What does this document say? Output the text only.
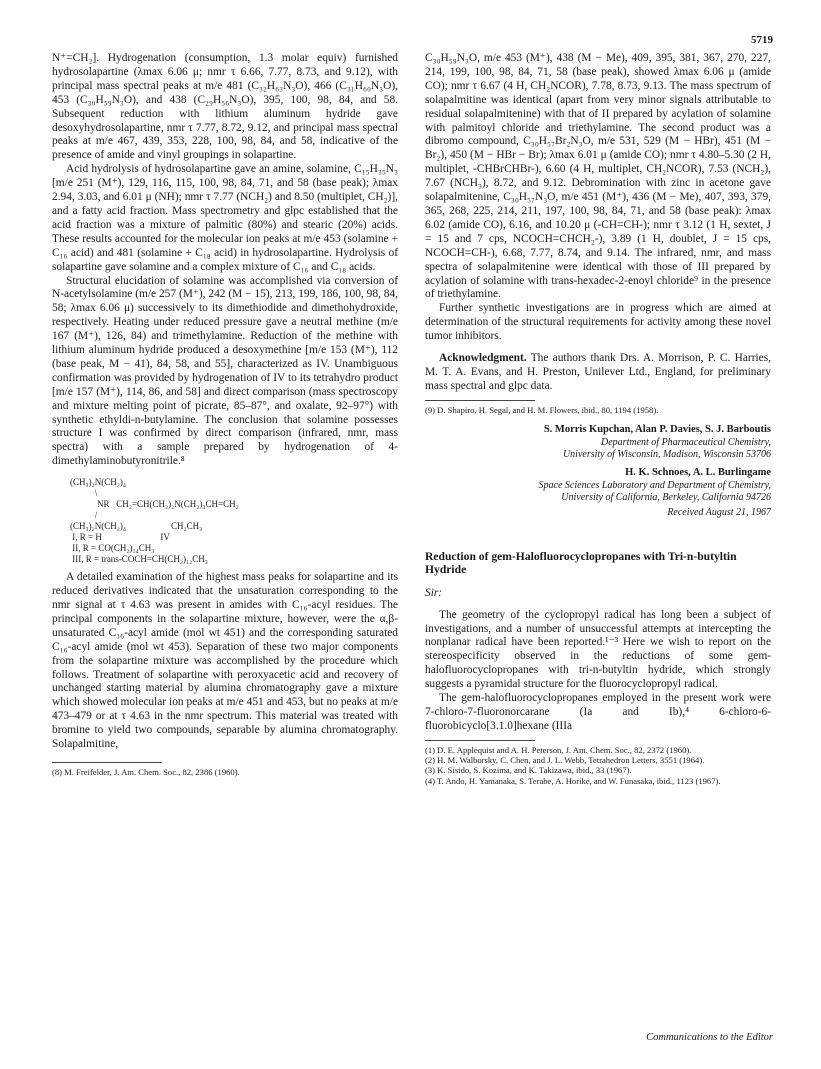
5719

N⁺=CH₂]. Hydrogenation (consumption, 1.3 molar equiv) furnished hydrosolapartine (λmax 6.06 μ; nmr τ 6.66, 7.77, 8.73, and 9.12), with principal mass spectral peaks at m/e 481 (C₃₂H₆₃N₃O), 466 (C₃₁H₆₀N₃O), 453 (C₃₀H₅₉N₃O), and 438 (C₂₉H₅₆N₃O), 395, 100, 98, 84, and 58. Subsequent reduction with lithium aluminum hydride gave desoxyhydrosolapartine, nmr τ 7.77, 8.72, 9.12, and principal mass spectral peaks at m/e 467, 439, 353, 228, 100, 98, 84, and 58, indicative of the presence of amide and vinyl groupings in solapartine.

Acid hydrolysis of hydrosolapartine gave an amine, solamine, C₁₅H₃₅N₃ [m/e 251 (M⁺), 129, 116, 115, 100, 98, 84, 71, and 58 (base peak); λmax 2.94, 3.03, and 6.01 μ (NH); nmr τ 7.77 (NCH₂) and 8.50 (multiplet, CH₂)], and a fatty acid fraction. Mass spectrometry and glpc established that the acid fraction was a mixture of palmitic (80%) and stearic (20%) acids. These results accounted for the molecular ion peaks at m/e 453 (solamine + C₁₆ acid) and 481 (solamine + C₁₈ acid) in hydrosolapartine. Hydrolysis of solapartine gave solamine and a complex mixture of C₁₆ and C₁₈ acids.

Structural elucidation of solamine was accomplished via conversion of N-acetylsolamine (m/e 257 (M⁺), 242 (M − 15), 213, 199, 186, 100, 98, 84, 58; λmax 6.06 μ) successively to its dimethiodide and dimethohydroxide, respectively. Heating under reduced pressure gave a neutral methine (m/e 167 (M⁺), 126, 84) and trimethylamine. Reduction of the methine with lithium aluminum hydride produced a desoxymethine [m/e 153 (M⁺), 112 (base peak, M − 41), 84, 58, and 55], characterized as IV. Unambiguous confirmation was provided by hydrogenation of IV to its tetrahydro product [m/e 157 (M⁺), 114, 86, and 58] and direct comparison (mass spectroscopy and mixture melting point of picrate, 85–87°, and oxalate, 92–97°) with synthetic ethyldi-n-butylamine. The conclusion that solamine possesses structure I was confirmed by direct comparison (infrared, nmr, mass spectra) with a sample prepared by hydrogenation of 4-dimethylaminobutyronitrile.⁸

(CH₃)₂N(CH₂)₄
\
NR   CH₂=CH(CH₂)₂N(CH₂)₃CH=CH₂
/
(CH₃)₂N(CH₂)₄                    CH₂CH₃
I, R = H                          IV
II, R = CO(CH₂)₁₄CH₃
III, R = trans-COCH=CH(CH₂)₁₂CH₃

A detailed examination of the highest mass peaks for solapartine and its reduced derivatives indicated that the unsaturation corresponding to the nmr signal at τ 4.63 was present in amides with C₁₆-acyl residues. The principal components in the solapartine mixture, however, were the α,β-unsaturated C₁₆-acyl amide (mol wt 451) and the corresponding saturated C₁₆-acyl amide (mol wt 453). Separation of these two major components from the solapartine mixture was accomplished by the procedure which follows. Treatment of solapartine with peroxyacetic acid and recovery of unchanged starting material by alumina chromatography gave a mixture which showed molecular ion peaks at m/e 451 and 453, but no peaks at m/e 473–479 or at τ 4.63 in the nmr spectrum. This material was treated with bromine to yield two compounds, separable by alumina chromatography. Solapalmitine,

(8) M. Freifelder, J. Am. Chem. Soc., 82, 2386 (1960).

C₃₀H₅₉N₃O, m/e 453 (M⁺), 438 (M − Me), 409, 395, 381, 367, 270, 227, 214, 199, 100, 98, 84, 71, 58 (base peak), showed λmax 6.06 μ (amide CO); nmr τ 6.67 (4 H, CH₂NCOR), 7.78, 8.73, 9.13. The mass spectrum of solapalmitine was identical (apart from very minor signals attributable to residual solapalmitenine) with that of II prepared by acylation of solamine with palmitoyl chloride and triethylamine. The second product was a dibromo compound, C₃₀H₅₇Br₂N₃O, m/e 531, 529 (M − HBr), 451 (M − Br₂), 450 (M − HBr − Br); λmax 6.01 μ (amide CO); nmr τ 4.80–5.30 (2 H, multiplet, -CHBrCHBr-), 6.60 (4 H, multiplet, CH₂NCOR), 7.53 (NCH₂), 7.67 (NCH₃), 8.72, and 9.12. Debromination with zinc in acetone gave solapalmitenine, C₃₀H₅₇N₃O, m/e 451 (M⁺), 436 (M − Me), 407, 393, 379, 365, 268, 225, 214, 211, 197, 100, 98, 84, 71, and 58 (base peak): λmax 6.02 (amide CO), 6.16, and 10.20 μ (-CH=CH-); nmr τ 3.12 (1 H, sextet, J = 15 and 7 cps, NCOCH=CHCH₂-), 3.89 (1 H, doublet, J = 15 cps, NCOCH=CH-), 6.68, 7.77, 8.74, and 9.14. The infrared, nmr, and mass spectra of solapalmitenine were identical with those of III prepared by acylation of solamine with trans-hexadec-2-enoyl chloride⁹ in the presence of triethylamine.

Further synthetic investigations are in progress which are aimed at determination of the structural requirements for activity among these novel tumor inhibitors.

Acknowledgment. The authors thank Drs. A. Morrison, P. C. Harries, M. T. A. Evans, and H. Preston, Unilever Ltd., England, for preliminary mass spectral and glpc data.

(9) D. Shapiro, H. Segal, and H. M. Flowers, ibid., 80, 1194 (1958).

S. Morris Kupchan, Alan P. Davies, S. J. Barboutis

Department of Pharmaceutical Chemistry,

University of Wisconsin, Madison, Wisconsin 53706

H. K. Schnoes, A. L. Burlingame

Space Sciences Laboratory and Department of Chemistry,

University of California, Berkeley, California 94726

Received August 21, 1967

Reduction of gem-Halofluorocyclopropanes with Tri-n-butyltin Hydride

Sir:

The geometry of the cyclopropyl radical has long been a subject of investigations, and a number of unsuccessful attempts at intercepting the nonplanar radical have been reported.¹⁻³ Here we wish to report on the stereospecificity observed in the reductions of some gem-halofluorocyclopropanes with tri-n-butyltin hydride, which strongly suggests a pyramidal structure for the fluorocyclopropyl radical.

The gem-halofluorocyclopropanes employed in the present work were 7-chloro-7-fluoronorcarane (Ia and Ib),⁴ 6-chloro-6-fluorobicyclo[3.1.0]hexane (IIIa

(1) D. E. Applequist and A. H. Peterson, J. Am. Chem. Soc., 82, 2372 (1960).

(2) H. M. Walborsky, C. Chen, and J. L. Webb, Tetrahedron Letters, 3551 (1964).

(3) K. Sisido, S. Kozima, and K. Takizawa, ibid., 33 (1967).

(4) T. Ando, H. Yamanaka, S. Terabe, A. Horike, and W. Funasaka, ibid., 1123 (1967).

Communications to the Editor
